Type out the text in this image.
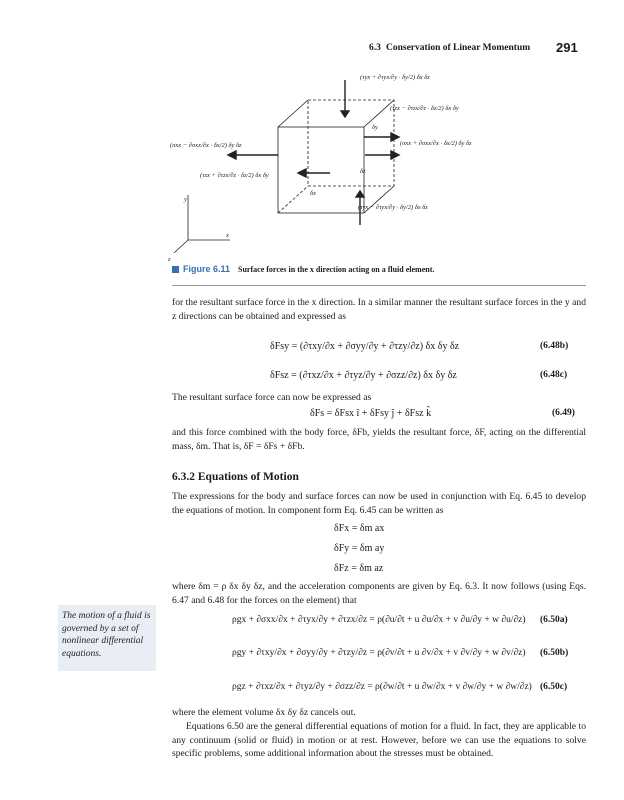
6.3 Conservation of Linear Momentum 291
(τyx + ∂τyx/∂y · δy/2) δx δz
(τzx − ∂τzx/∂z · δz/2) δx δy
(σxx − ∂σxx/∂x · δx/2) δy δz	(σxx + ∂σxx/∂x · δx/2) δy δz
(τzx + ∂τzx/∂z · δz/2) δx δy
(τyx − ∂τyx/∂y · δy/2) δx δz
δy
δx
δz
y
x
z
Figure 6.11 Surface forces in the x direction acting on a fluid element.
for the resultant surface force in the x direction. In a similar manner the resultant surface forces in the y and z directions can be obtained and expressed as
δFsy = (∂τxy/∂x + ∂σyy/∂y + ∂τzy/∂z) δx δy δz	(6.48b)
δFsz = (∂τxz/∂x + ∂τyz/∂y + ∂σzz/∂z) δx δy δz	(6.48c)
The resultant surface force can now be expressed as
δFs = δFsx î + δFsy ĵ + δFsz k̂	(6.49)
and this force combined with the body force, δFb, yields the resultant force, δF, acting on the differential mass, δm. That is, δF = δFs + δFb.
6.3.2 Equations of Motion
The expressions for the body and surface forces can now be used in conjunction with Eq. 6.45 to develop the equations of motion. In component form Eq. 6.45 can be written as
δFx = δm ax
δFy = δm ay
δFz = δm az
where δm = ρ δx δy δz, and the acceleration components are given by Eq. 6.3. It now follows (using Eqs. 6.47 and 6.48 for the forces on the element) that
The motion of a fluid is governed by a set of nonlinear differential equations.
ρgx + ∂σxx/∂x + ∂τyx/∂y + ∂τzx/∂z = ρ(∂u/∂t + u ∂u/∂x + v ∂u/∂y + w ∂u/∂z) (6.50a)
ρgy + ∂τxy/∂x + ∂σyy/∂y + ∂τzy/∂z = ρ(∂v/∂t + u ∂v/∂x + v ∂v/∂y + w ∂v/∂z) (6.50b)
ρgz + ∂τxz/∂x + ∂τyz/∂y + ∂σzz/∂z = ρ(∂w/∂t + u ∂w/∂x + v ∂w/∂y + w ∂w/∂z) (6.50c)
where the element volume δx δy δz cancels out.
Equations 6.50 are the general differential equations of motion for a fluid. In fact, they are applicable to any continuum (solid or fluid) in motion or at rest. However, before we can use the equations to solve specific problems, some additional information about the stresses must be obtained.
